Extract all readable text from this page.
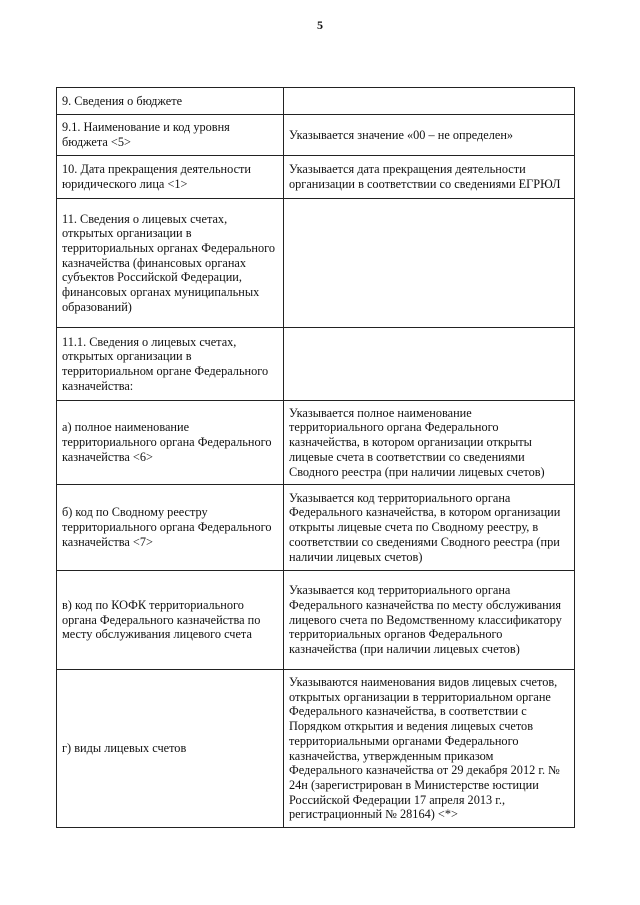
5
9. Сведения о бюджете	
9.1. Наименование и код уровня бюджета <5>	Указывается значение «00 – не определен»
10. Дата прекращения деятельности юридического лица <1>	Указывается дата прекращения деятельности организации в соответствии со сведениями ЕГРЮЛ
11. Сведения о лицевых счетах, открытых организации в территориальных органах Федерального казначейства (финансовых органах субъектов Российской Федерации, финансовых органах муниципальных образований)	
11.1. Сведения о лицевых счетах, открытых организации в территориальном органе Федерального казначейства:	
а) полное наименование территориального органа Федерального казначейства <6>	Указывается полное наименование территориального органа Федерального казначейства, в котором организации открыты лицевые счета в соответствии со сведениями Сводного реестра (при наличии лицевых счетов)
б) код по Сводному реестру территориального органа Федерального казначейства <7>	Указывается код территориального органа Федерального казначейства, в котором организации открыты лицевые счета по Сводному реестру, в соответствии со сведениями Сводного реестра (при наличии лицевых счетов)
в) код по КОФК территориального органа Федерального казначейства по месту обслуживания лицевого счета	Указывается код территориального органа Федерального казначейства по месту обслуживания лицевого счета по Ведомственному классификатору территориальных органов Федерального казначейства (при наличии лицевых счетов)
г) виды лицевых счетов	Указываются наименования видов лицевых счетов, открытых организации в территориальном органе Федерального казначейства, в соответствии с Порядком открытия и ведения лицевых счетов территориальными органами Федерального казначейства, утвержденным приказом Федерального казначейства от 29 декабря 2012 г. № 24н (зарегистрирован в Министерстве юстиции Российской Федерации 17 апреля 2013 г., регистрационный № 28164) <*>
